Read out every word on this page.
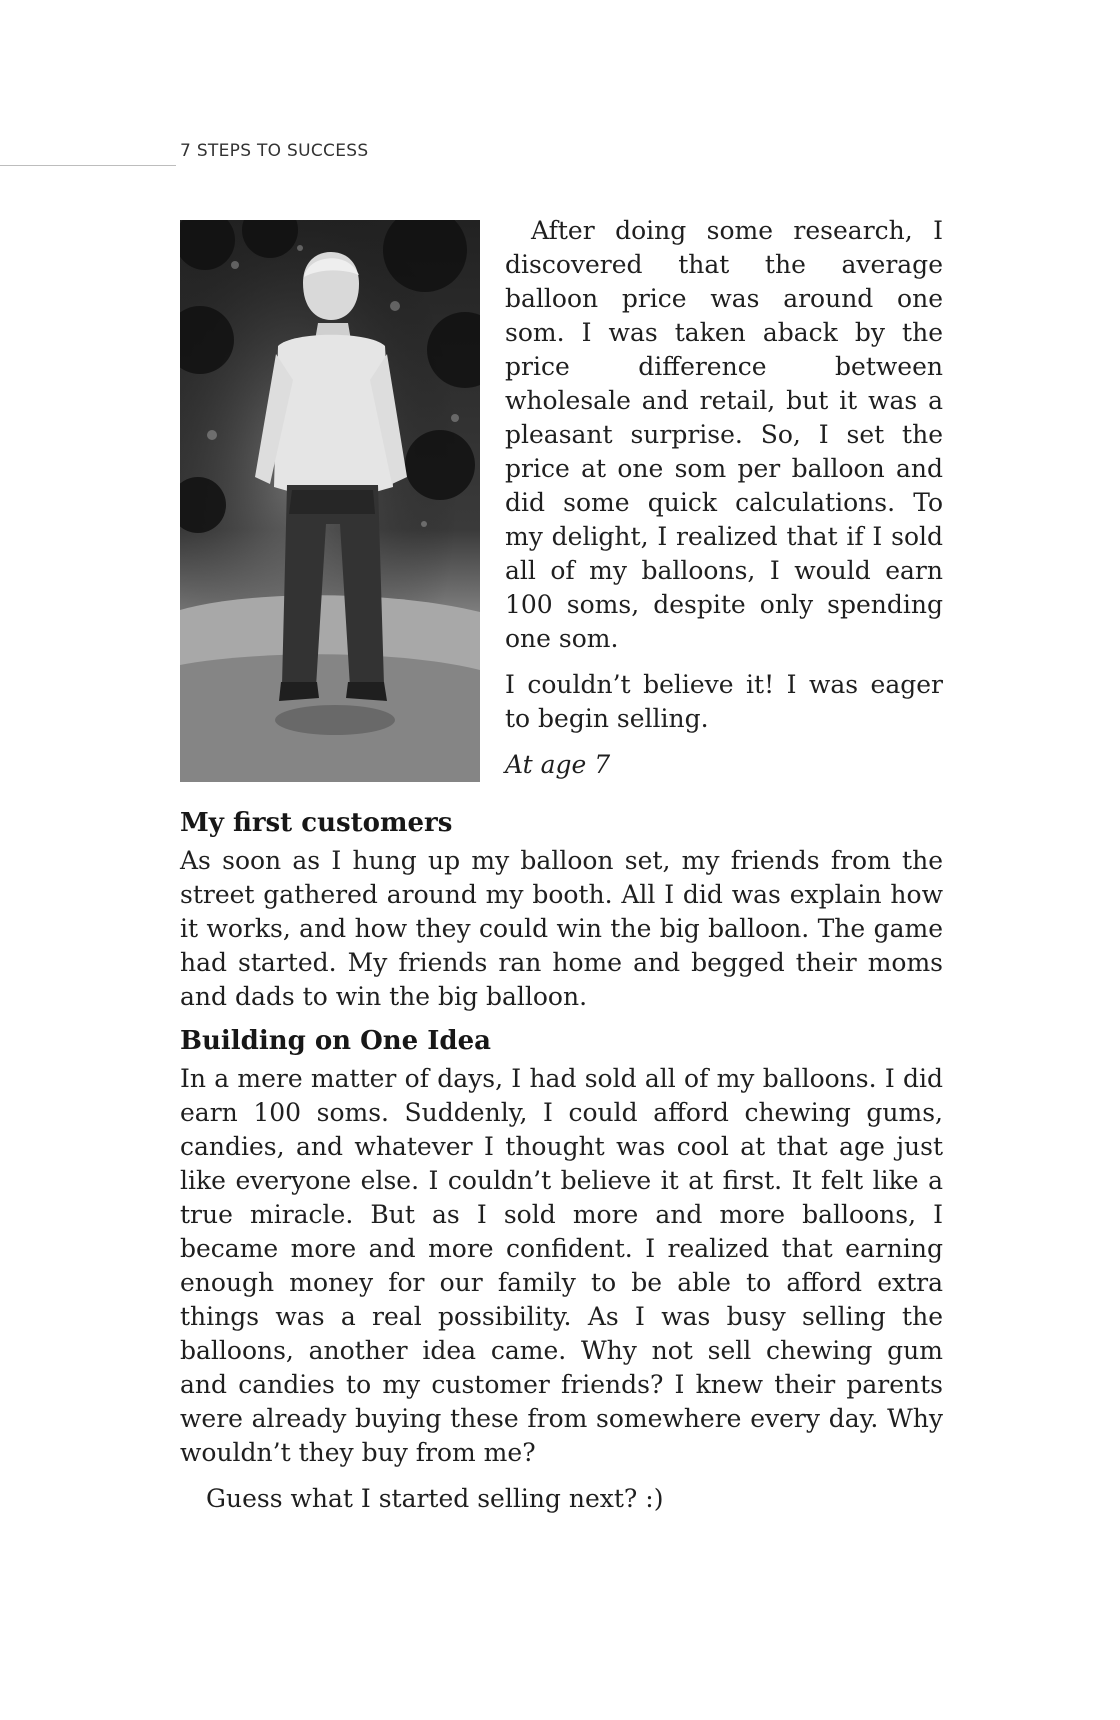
7 STEPS TO SUCCESS

After doing some research, I discovered that the average balloon price was around one som. I was taken aback by the price difference between wholesale and retail, but it was a pleasant surprise. So, I set the price at one som per balloon and did some quick calculations. To my delight, I realized that if I sold all of my balloons, I would earn 100 soms, despite only spending one som.

I couldn’t believe it! I was eager to begin selling.

At age 7
My first customers

As soon as I hung up my balloon set, my friends from the street gathered around my booth. All I did was explain how it works, and how they could win the big balloon. The game had started. My friends ran home and begged their moms and dads to win the big balloon.

Building on One Idea

In a mere matter of days, I had sold all of my balloons. I did earn 100 soms. Suddenly, I could afford chewing gums, candies, and whatever I thought was cool at that age just like everyone else. I couldn’t believe it at first. It felt like a true miracle. But as I sold more and more balloons, I became more and more confident. I realized that earning enough money for our family to be able to afford extra things was a real possibility. As I was busy selling the balloons, another idea came. Why not sell chewing gum and candies to my customer friends? I knew their parents were already buying these from somewhere every day. Why wouldn’t they buy from me?

Guess what I started selling next? :)
